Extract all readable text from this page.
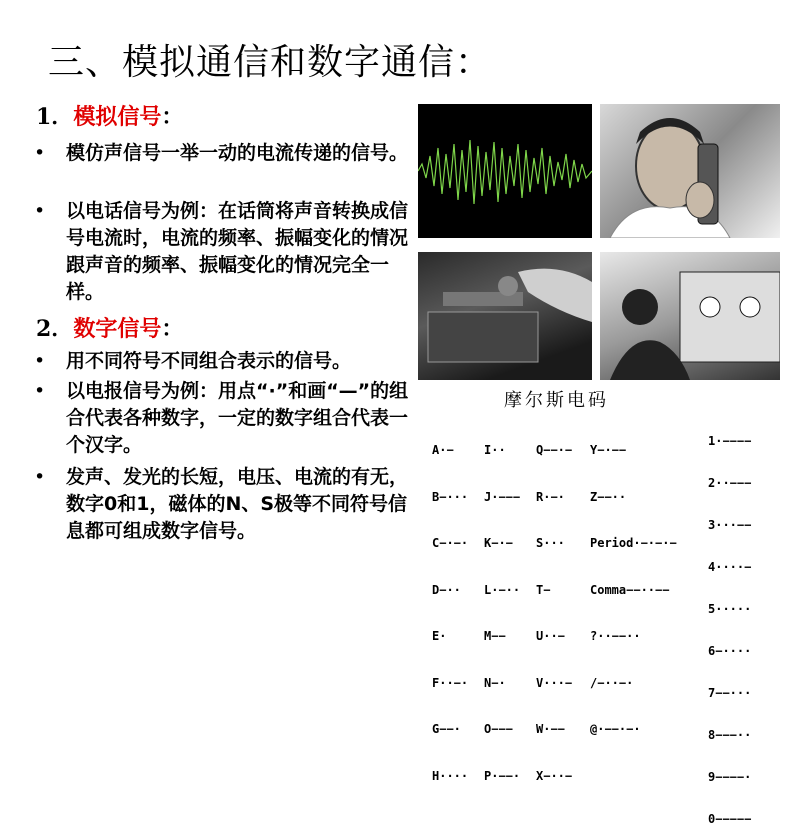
三、模拟通信和数字通信：
1．模拟信号：
• 模仿声信号一举一动的电流传递的信号。
• 以电话信号为例：在话筒将声音转换成信号电流时，电流的频率、振幅变化的情况跟声音的频率、振幅变化的情况完全一样。
2．数字信号：
• 用不同符号不同组合表示的信号。
• 以电报信号为例：用点“·”和画“—”的组合代表各种数字，一定的数字组合代表一个汉字。
• 发声、发光的长短，电压、电流的有无，数字0和1，磁体的N、S极等不同符号信息都可组成数字信号。
摩尔斯电码

A·−

B−···

C−·−·

D−··

E·

F··−·

G−−·

H····

I··

J·−−−

K−·−

L·−··

M−−

N−·

O−−−

P·−−·

Q−−·−

R·−·

S···

T−

U··−

V···−

W·−−

X−··−

Y−·−−

Z−−··

Period·−·−·−

Comma−−··−−

?··−−··

/−··−·

@·−−·−·

1·−−−−

2··−−−

3···−−

4····−

5·····

6−····

7−−···

8−−−··

9−−−−·

0−−−−−
